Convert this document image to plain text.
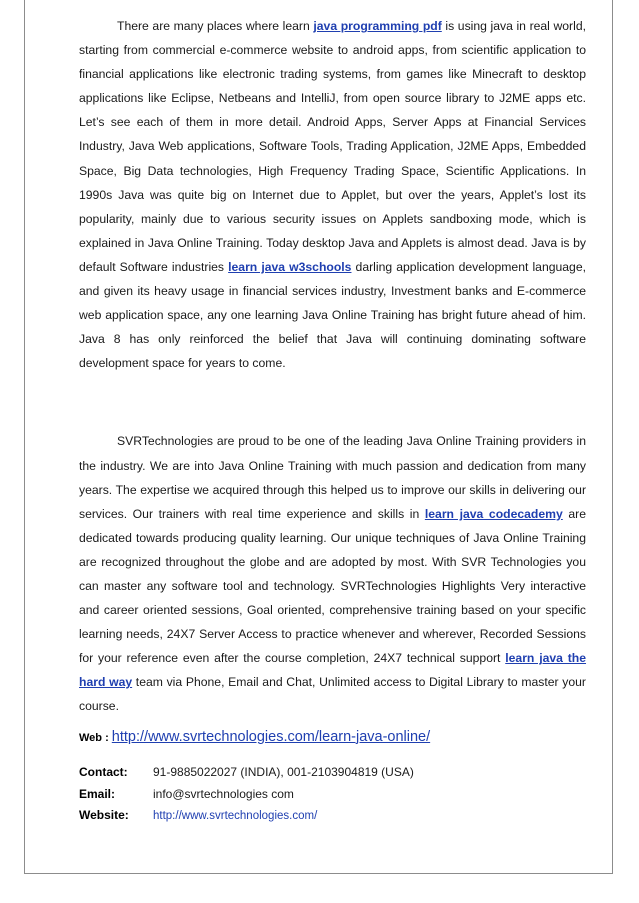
There are many places where learn java programming pdf is using java in real world, starting from commercial e-commerce website to android apps, from scientific application to financial applications like electronic trading systems, from games like Minecraft to desktop applications like Eclipse, Netbeans and IntelliJ, from open source library to J2ME apps etc. Let’s see each of them in more detail. Android Apps, Server Apps at Financial Services Industry, Java Web applications, Software Tools, Trading Application, J2ME Apps, Embedded Space, Big Data technologies, High Frequency Trading Space, Scientific Applications. In 1990s Java was quite big on Internet due to Applet, but over the years, Applet’s lost its popularity, mainly due to various security issues on Applets sandboxing mode, which is explained in Java Online Training. Today desktop Java and Applets is almost dead. Java is by default Software industries learn java w3schools darling application development language, and given its heavy usage in financial services industry, Investment banks and E-commerce web application space, any one learning Java Online Training has bright future ahead of him. Java 8 has only reinforced the belief that Java will continuing dominating software development space for years to come.

SVRTechnologies are proud to be one of the leading Java Online Training providers in the industry. We are into Java Online Training with much passion and dedication from many years. The expertise we acquired through this helped us to improve our skills in delivering our services. Our trainers with real time experience and skills in learn java codecademy are dedicated towards producing quality learning. Our unique techniques of Java Online Training are recognized throughout the globe and are adopted by most. With SVR Technologies you can master any software tool and technology. SVRTechnologies Highlights Very interactive and career oriented sessions, Goal oriented, comprehensive training based on your specific learning needs, 24X7 Server Access to practice whenever and wherever, Recorded Sessions for your reference even after the course completion, 24X7 technical support learn java the hard way team via Phone, Email and Chat, Unlimited access to Digital Library to master your course.

Web : http://www.svrtechnologies.com/learn-java-online/
Contact:	91-9885022027 (INDIA), 001-2103904819 (USA)
Email:	info@svrtechnologies com
Website:	http://www.svrtechnologies.com/
